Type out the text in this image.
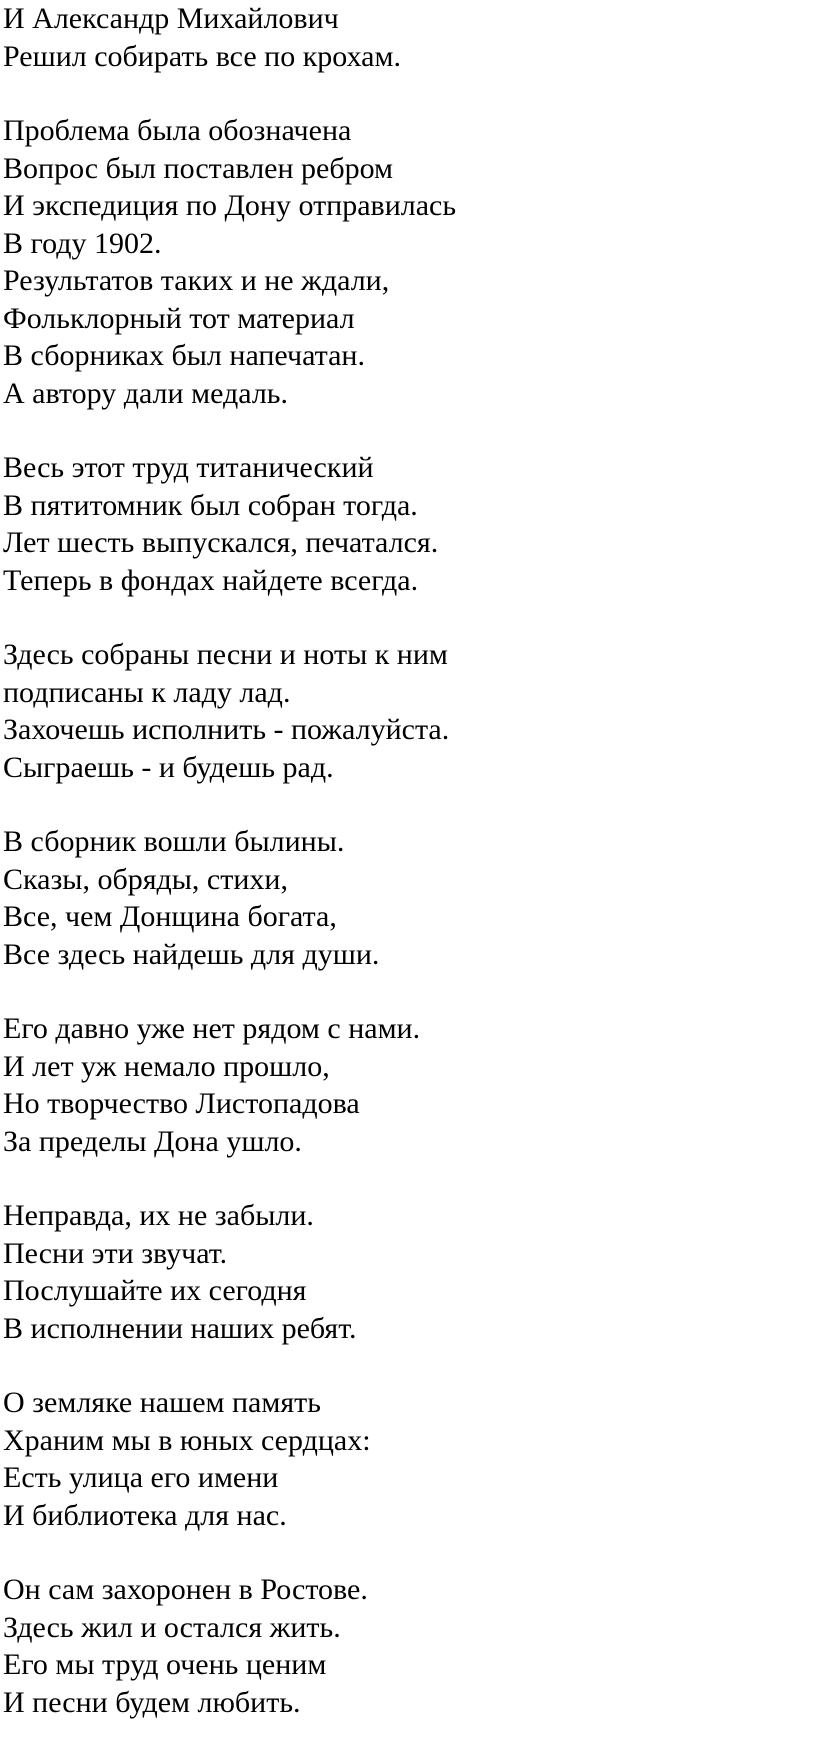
И Александр Михайлович
Решил собирать все по крохам.
Проблема была обозначена
Вопрос был поставлен ребром
И экспедиция по Дону отправилась
В году 1902.
Результатов таких и не ждали,
Фольклорный тот материал
В сборниках был напечатан.
А автору дали медаль.
Весь этот труд титанический
В пятитомник был собран тогда.
Лет шесть выпускался, печатался.
Теперь в фондах найдете всегда.
Здесь собраны песни и ноты к ним
подписаны к ладу лад.
Захочешь исполнить - пожалуйста.
Сыграешь - и будешь рад.
В сборник вошли былины.
Сказы, обряды, стихи,
Все, чем Донщина богата,
Все здесь найдешь для души.
Его давно уже нет рядом с нами.
И лет уж немало прошло,
Но творчество Листопадова
За пределы Дона ушло.
Неправда, их не забыли.
Песни эти звучат.
Послушайте их сегодня
В исполнении наших ребят.
О земляке нашем память
Храним мы в юных сердцах:
Есть улица его имени
И библиотека для нас.
Он сам захоронен в Ростове.
Здесь жил и остался жить.
Его мы труд очень ценим
И песни будем любить.
